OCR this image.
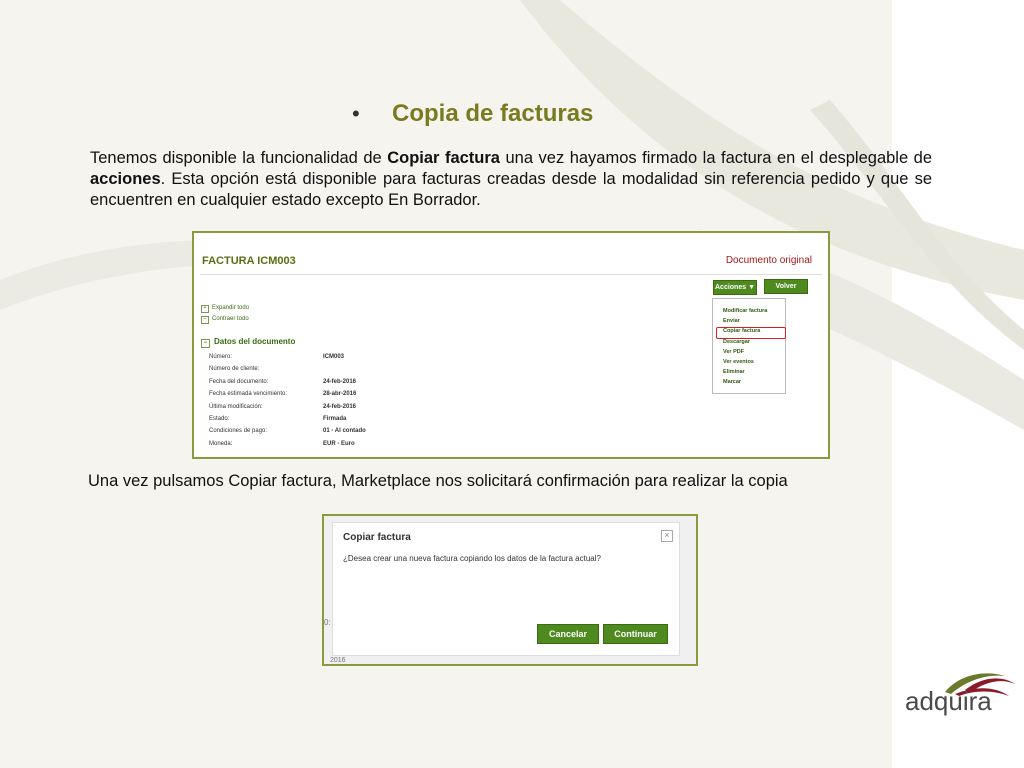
•	Copia de facturas
Tenemos disponible la funcionalidad de Copiar factura una vez hayamos firmado la factura en el desplegable de acciones. Esta opción está disponible para facturas creadas desde la modalidad sin referencia pedido y que se encuentren en cualquier estado excepto En Borrador.
FACTURA ICM003	Documento original
Acciones ▼	Volver
+ Expandir todo
− Contraer todo
− Datos del documento
Número:	ICM003
Número de cliente:
Fecha del documento:	24-feb-2016
Fecha estimada vencimiento:	28-abr-2016
Última modificación:	24-feb-2016
Estado:	Firmada
Condiciones de pago:	01 - Al contado
Moneda:	EUR - Euro
Modificar factura
Enviar
Copiar factura
Descargar
Ver PDF
Ver eventos
Eliminar
Marcar
Una vez pulsamos Copiar factura, Marketplace nos solicitará confirmación para realizar la copia
0:
2016
Copiar factura	×
¿Desea crear una nueva factura copiando los datos de la factura actual?
Cancelar	Continuar
adquira
